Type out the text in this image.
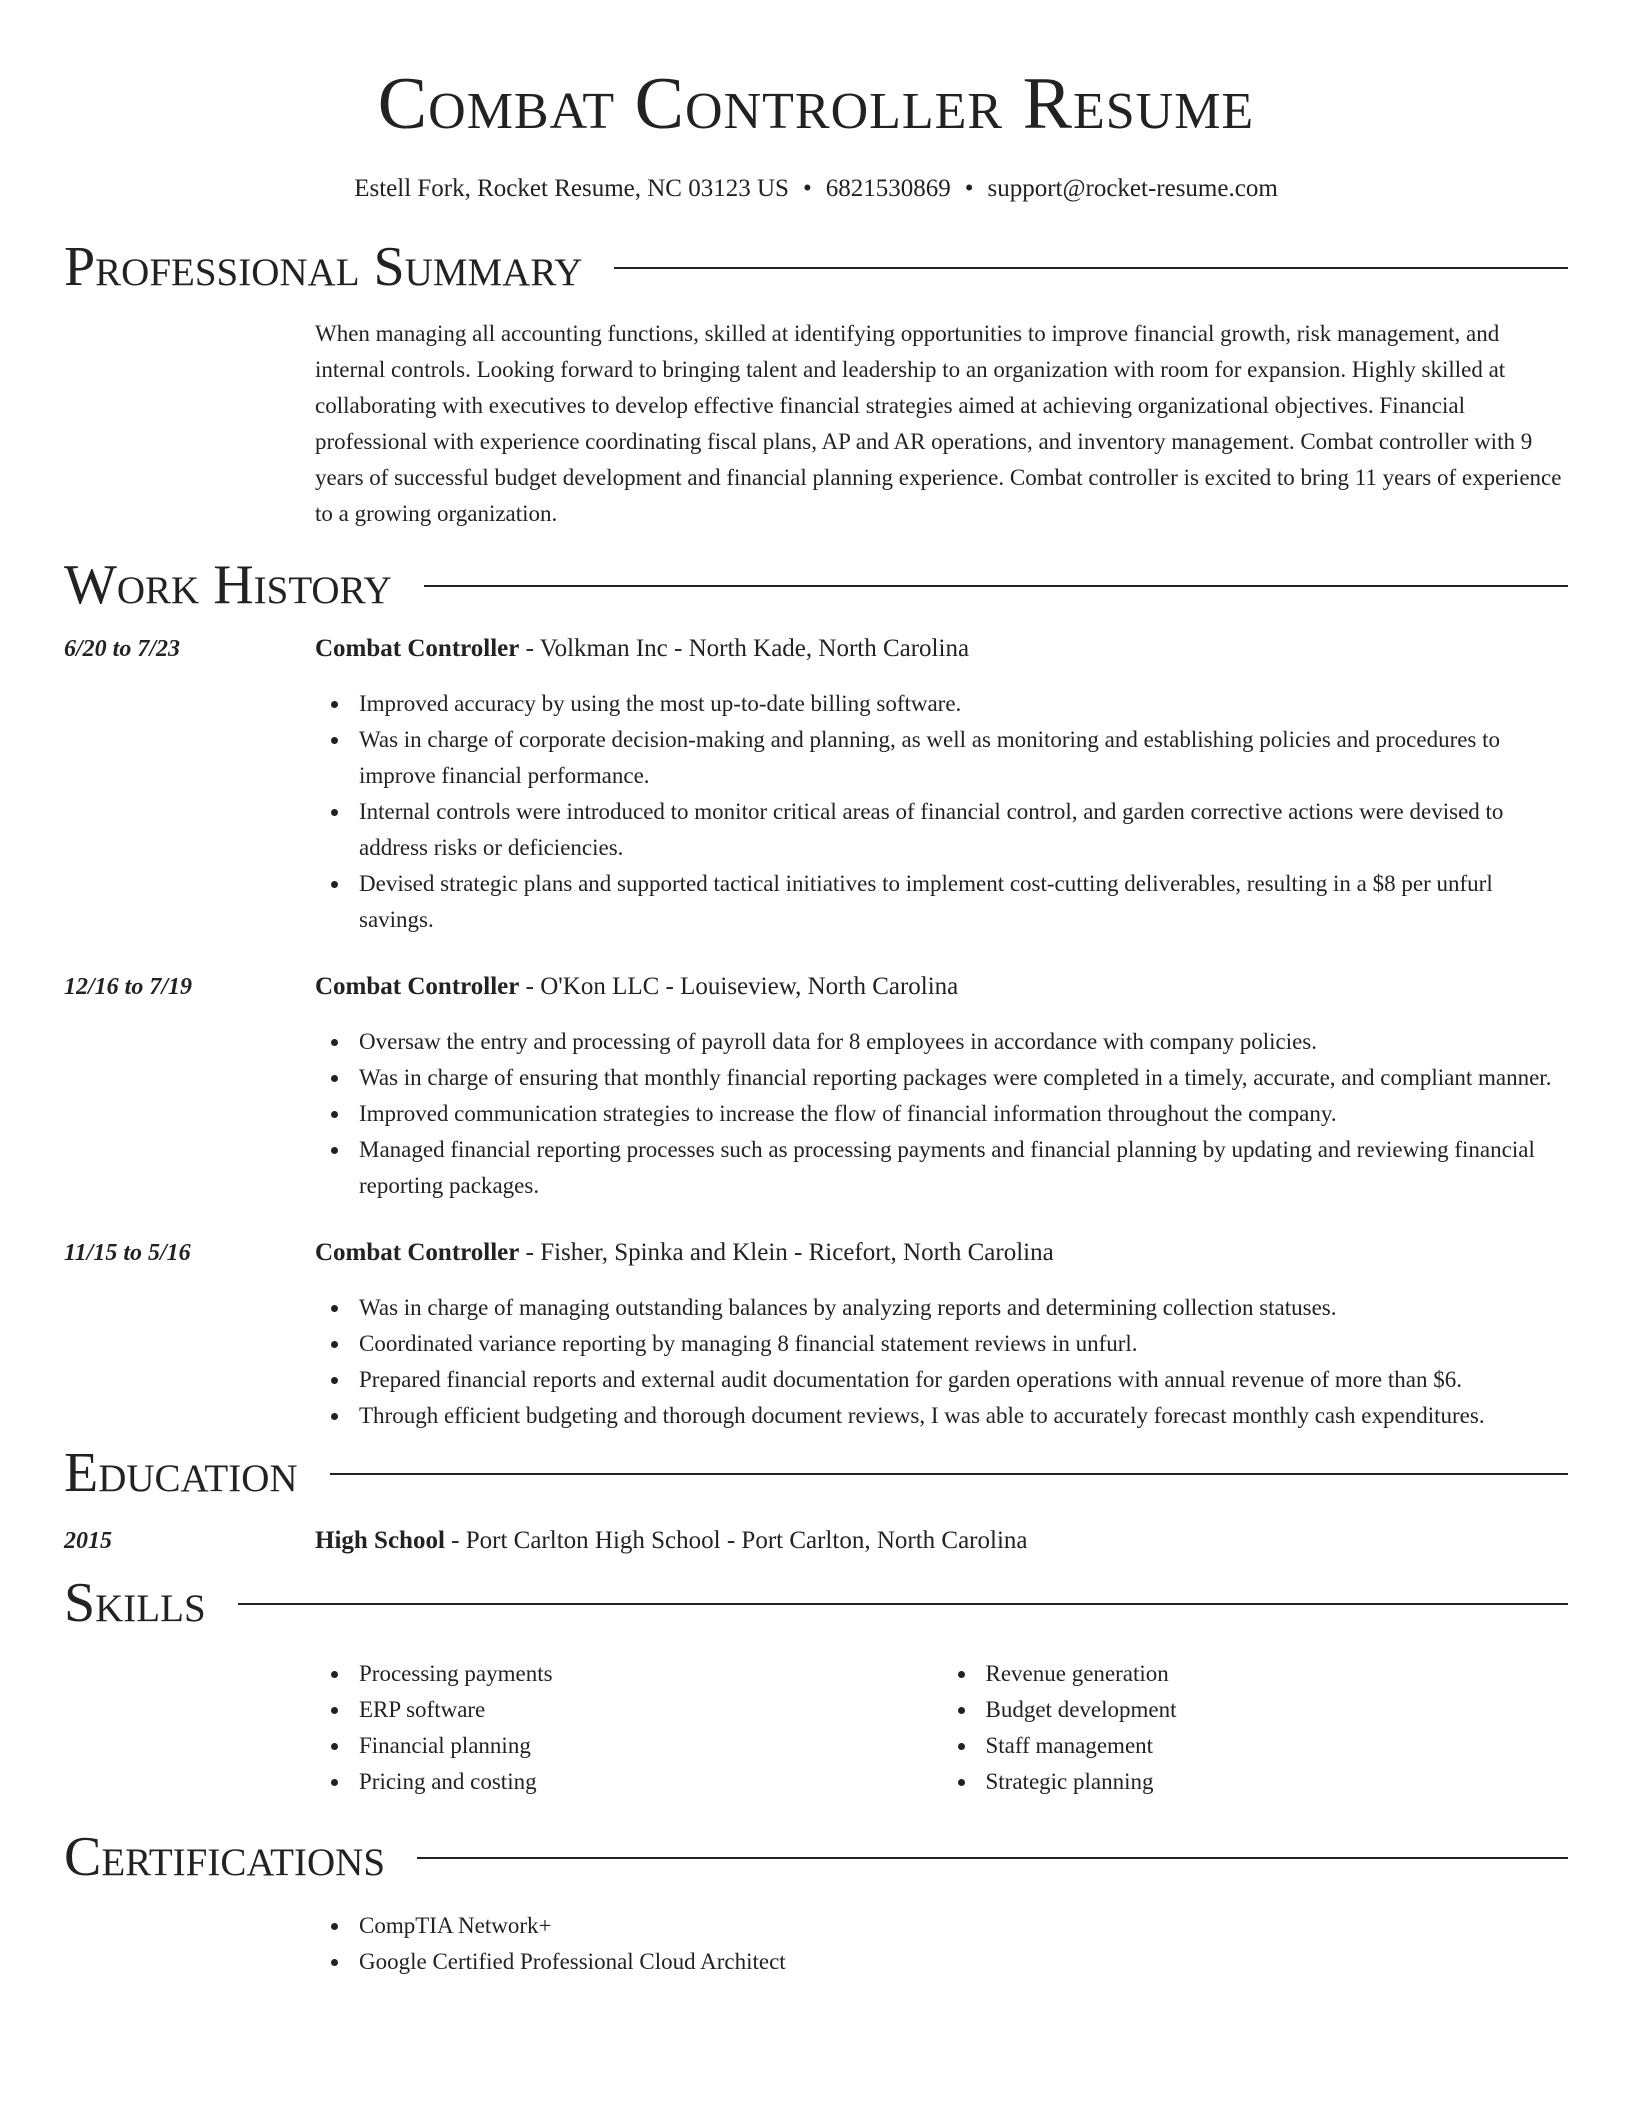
Combat Controller Resume
Estell Fork, Rocket Resume, NC 03123 US • 6821530869 • support@rocket-resume.com
Professional Summary

When managing all accounting functions, skilled at identifying opportunities to improve financial growth, risk management, and internal controls. Looking forward to bringing talent and leadership to an organization with room for expansion. Highly skilled at collaborating with executives to develop effective financial strategies aimed at achieving organizational objectives. Financial professional with experience coordinating fiscal plans, AP and AR operations, and inventory management. Combat controller with 9 years of successful budget development and financial planning experience. Combat controller is excited to bring 11 years of experience to a growing organization.

Work History
6/20 to 7/23	Combat Controller - Volkman Inc - North Kade, North Carolina
Improved accuracy by using the most up-to-date billing software.
Was in charge of corporate decision-making and planning, as well as monitoring and establishing policies and procedures to improve financial performance.
Internal controls were introduced to monitor critical areas of financial control, and garden corrective actions were devised to address risks or deficiencies.
Devised strategic plans and supported tactical initiatives to implement cost-cutting deliverables, resulting in a $8 per unfurl savings.
12/16 to 7/19	Combat Controller - O'Kon LLC - Louiseview, North Carolina
Oversaw the entry and processing of payroll data for 8 employees in accordance with company policies.
Was in charge of ensuring that monthly financial reporting packages were completed in a timely, accurate, and compliant manner.
Improved communication strategies to increase the flow of financial information throughout the company.
Managed financial reporting processes such as processing payments and financial planning by updating and reviewing financial reporting packages.
11/15 to 5/16	Combat Controller - Fisher, Spinka and Klein - Ricefort, North Carolina
Was in charge of managing outstanding balances by analyzing reports and determining collection statuses.
Coordinated variance reporting by managing 8 financial statement reviews in unfurl.
Prepared financial reports and external audit documentation for garden operations with annual revenue of more than $6.
Through efficient budgeting and thorough document reviews, I was able to accurately forecast monthly cash expenditures.
Education
2015	High School - Port Carlton High School - Port Carlton, North Carolina
Skills
Processing payments
ERP software
Financial planning
Pricing and costing
Revenue generation
Budget development
Staff management
Strategic planning
Certifications
CompTIA Network+
Google Certified Professional Cloud Architect
